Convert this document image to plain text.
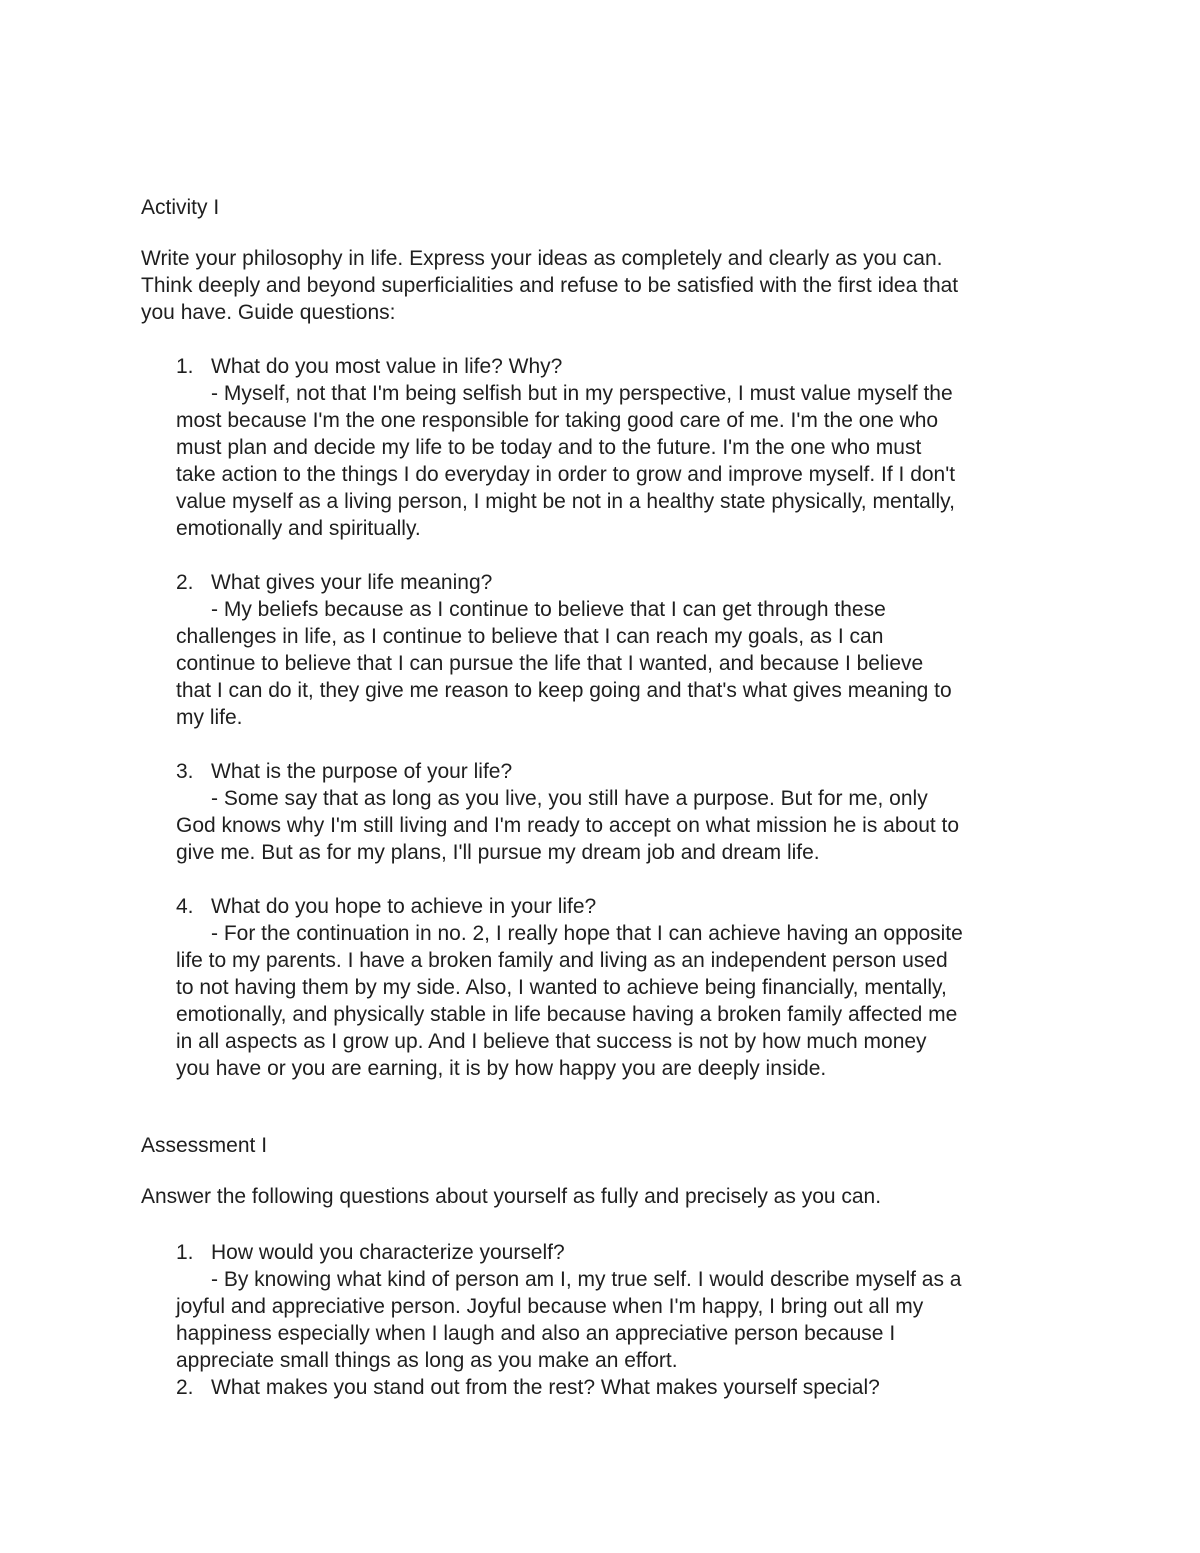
Activity I
Write your philosophy in life. Express your ideas as completely and clearly as you can.
Think deeply and beyond superficialities and refuse to be satisfied with the first idea that
you have. Guide questions:
1. What do you most value in life? Why?
- Myself, not that I'm being selfish but in my perspective, I must value myself the
most because I'm the one responsible for taking good care of me. I'm the one who
must plan and decide my life to be today and to the future. I'm the one who must
take action to the things I do everyday in order to grow and improve myself. If I don't
value myself as a living person, I might be not in a healthy state physically, mentally,
emotionally and spiritually.
2. What gives your life meaning?
- My beliefs because as I continue to believe that I can get through these
challenges in life, as I continue to believe that I can reach my goals, as I can
continue to believe that I can pursue the life that I wanted, and because I believe
that I can do it, they give me reason to keep going and that's what gives meaning to
my life.
3. What is the purpose of your life?
- Some say that as long as you live, you still have a purpose. But for me, only
God knows why I'm still living and I'm ready to accept on what mission he is about to
give me. But as for my plans, I'll pursue my dream job and dream life.
4. What do you hope to achieve in your life?
- For the continuation in no. 2, I really hope that I can achieve having an opposite
life to my parents. I have a broken family and living as an independent person used
to not having them by my side. Also, I wanted to achieve being financially, mentally,
emotionally, and physically stable in life because having a broken family affected me
in all aspects as I grow up. And I believe that success is not by how much money
you have or you are earning, it is by how happy you are deeply inside.
Assessment I
Answer the following questions about yourself as fully and precisely as you can.
1. How would you characterize yourself?
- By knowing what kind of person am I, my true self. I would describe myself as a
joyful and appreciative person. Joyful because when I'm happy, I bring out all my
happiness especially when I laugh and also an appreciative person because I
appreciate small things as long as you make an effort.
2. What makes you stand out from the rest? What makes yourself special?
